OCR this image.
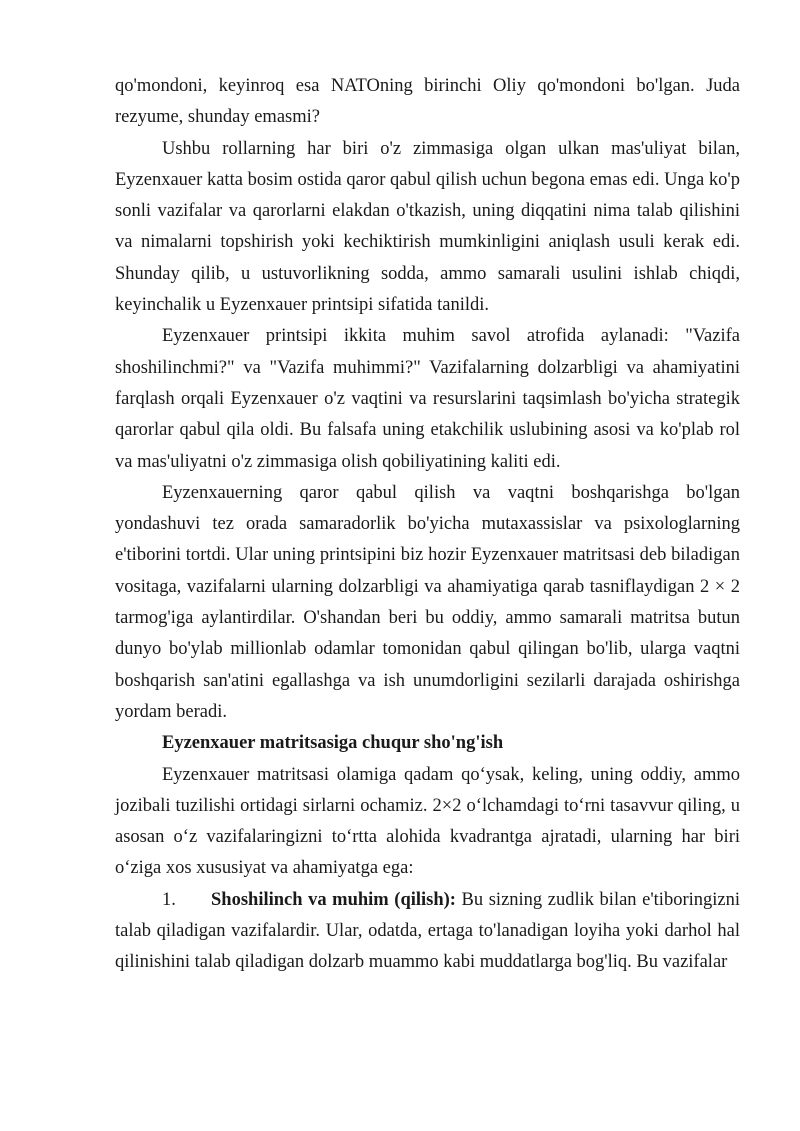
qo'mondoni, keyinroq esa NATOning birinchi Oliy qo'mondoni bo'lgan. Juda rezyume, shunday emasmi?

Ushbu rollarning har biri o'z zimmasiga olgan ulkan mas'uliyat bilan, Eyzenxauer katta bosim ostida qaror qabul qilish uchun begona emas edi. Unga ko'p sonli vazifalar va qarorlarni elakdan o'tkazish, uning diqqatini nima talab qilishini va nimalarni topshirish yoki kechiktirish mumkinligini aniqlash usuli kerak edi. Shunday qilib, u ustuvorlikning sodda, ammo samarali usulini ishlab chiqdi, keyinchalik u Eyzenxauer printsipi sifatida tanildi.

Eyzenxauer printsipi ikkita muhim savol atrofida aylanadi: "Vazifa shoshilinchmi?" va "Vazifa muhimmi?" Vazifalarning dolzarbligi va ahamiyatini farqlash orqali Eyzenxauer o'z vaqtini va resurslarini taqsimlash bo'yicha strategik qarorlar qabul qila oldi. Bu falsafa uning etakchilik uslubining asosi va ko'plab rol va mas'uliyatni o'z zimmasiga olish qobiliyatining kaliti edi.

Eyzenxauerning qaror qabul qilish va vaqtni boshqarishga bo'lgan yondashuvi tez orada samaradorlik bo'yicha mutaxassislar va psixologlarning e'tiborini tortdi. Ular uning printsipini biz hozir Eyzenxauer matritsasi deb biladigan vositaga, vazifalarni ularning dolzarbligi va ahamiyatiga qarab tasniflaydigan 2 × 2 tarmog'iga aylantirdilar. O'shandan beri bu oddiy, ammo samarali matritsa butun dunyo bo'ylab millionlab odamlar tomonidan qabul qilingan bo'lib, ularga vaqtni boshqarish san'atini egallashga va ish unumdorligini sezilarli darajada oshirishga yordam beradi.

Eyzenxauer matritsasiga chuqur sho'ng'ish

Eyzenxauer matritsasi olamiga qadam qo‘ysak, keling, uning oddiy, ammo jozibali tuzilishi ortidagi sirlarni ochamiz. 2×2 o‘lchamdagi to‘rni tasavvur qiling, u asosan o‘z vazifalaringizni to‘rtta alohida kvadrantga ajratadi, ularning har biri o‘ziga xos xususiyat va ahamiyatga ega:

1. Shoshilinch va muhim (qilish): Bu sizning zudlik bilan e'tiboringizni talab qiladigan vazifalardir. Ular, odatda, ertaga to'lanadigan loyiha yoki darhol hal qilinishini talab qiladigan dolzarb muammo kabi muddatlarga bog'liq. Bu vazifalar
